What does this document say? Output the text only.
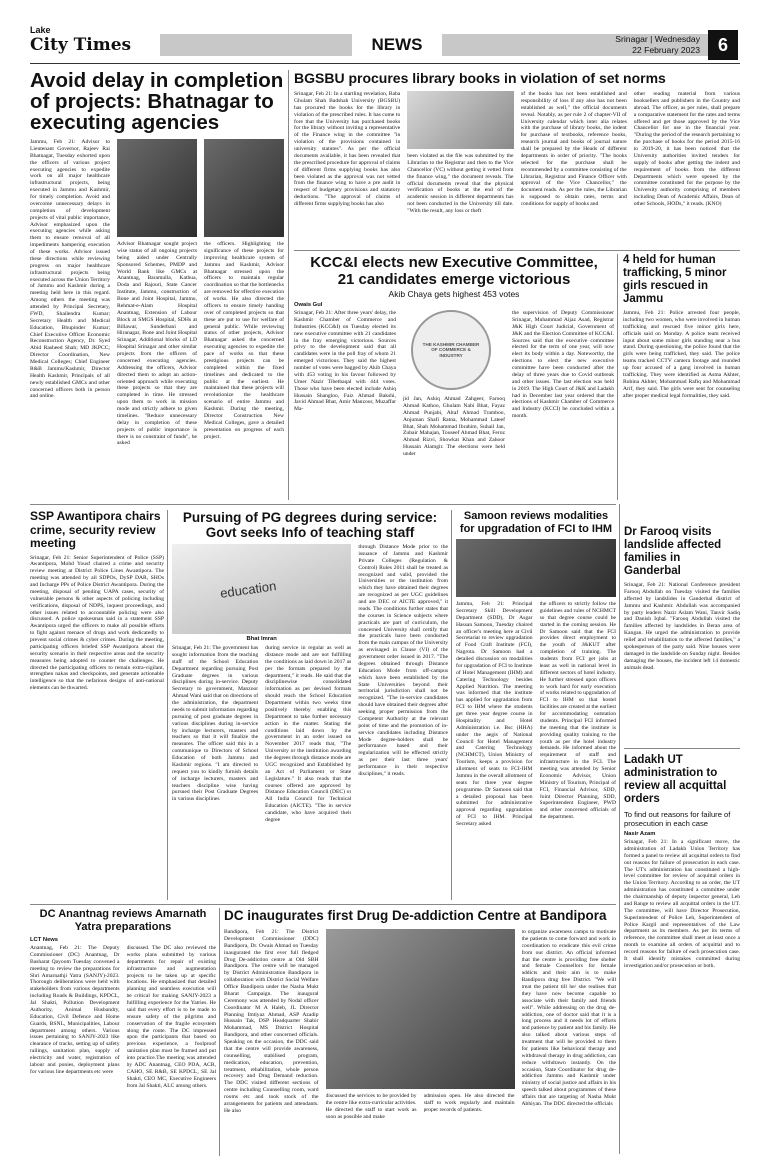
Lake
City Times	NEWS	Srinagar | Wednesday
22 February 2023 6
Avoid delay in completion of projects: Bhatnagar to executing agencies
Jammu, Feb 21: Advisor to Lieutenant Governor, Rajeev Rai Bhatnagar, Tuesday exhorted upon the officers of various project executing agencies to expedite work on all major healthcare infrastructural projects, being executed in Jammu and Kashmir, for timely completion. Avoid and overcome unnecessary delays in completion of development projects of vital public importance, Advisor emphasized upon the executing agencies while asking them to ensure removal of all impediments hampering execution of these works. Advisor issued these directions while reviewing progress on major healthcare infrastructural projects being executed across the Union Territory of Jammu and Kashmir during a meeting held here in this regard. Among others the meeting was attended by Principal Secretary, FWD, Shailendra Kumar; Secretary Health and Medical Education, Bhupinder Kumar; Chief Executive Officer Economic Reconstruction Agency, Dr. Syed Abid Rasheed Shah; MD JKPCC; Director Coordination, New Medical Colleges; Chief Engineer R&B Jammu/Kashmir, Director Health Kashmir, Principals of all newly established GMCs and other concerned officers both in person and online.
Advisor Bhatnagar sought project wise status of all ongoing projects being aided under Centrally Sponsored Schemes, PMDP and World Bank like GMCs at Anantnag, Baramulla, Kathua, Doda and Rajouri, State Cancer Institute, Jammu, construction of Bone and Joint Hospital, Jammu, Rehmat-e-Alam Hospital Anantnag, Extension of Labour Block at SMGS Hospital, SDHs at Billawar, Sunderbani and Hiranagar, Bone and Joint Hospital Srinagar, Additional blocks of LD Hospital Srinagar and other similar projects from the officers of concerned executing agencies. Addressing the officers, Advisor directed them to adopt an action-oriented approach while executing these projects so that they are completed in time. He stressed upon them to work in mission mode and strictly adhere to given timelines. "Reduce unnecessary delay in completion of these projects of public importance is there is no constraint of funds", he asked
the officers. Highlighting the significance of these projects for improving healthcare system of Jammu and Kashmir, Advisor Bhatnagar stressed upon the officers to maintain regular coordination so that the bottlenecks are removed for effective execution of works. He also directed the officers to ensure timely handing over of completed projects so that these are put to use for welfare of general public. While reviewing status of other projects, Advisor Bhatnagar asked the concerned executing agencies to expedite the pace of works so that these prestigious projects can be completed within the fixed timelines and dedicated to the public at the earliest. He maintained that these projects will revolutionize the healthcare scenario of entire Jammu and Kashmir. During the meeting, Director Construction New Medical Colleges, gave a detailed presentation on progress of each project.
BGSBU procures library books in violation of set norms
Srinagar, Feb 21: In a startling revelation, Baba Ghulam Shah Badshah University (BGSBU) has procured the books for the library in violation of the prescribed rules. It has come to fore that the University has purchased books for the library without inviting a representative of the Finance wing in the committee "in violation of the provisions contained in university statutes". As per the official documents available, it has been revealed that the prescribed procedure for approval of claims of different firms supplying books has also been violated as the approval was not vetted from the finance wing to have a pre audit in respect of budgetary provisions and statutory deductions. "The approval of claims of different firms supplying books has also
been violated as the file was submitted by the Librarian to the Registrar and then to the Vice Chancellor (VC) without getting it vetted from the finance wing," the document reveals. The official documents reveal that the physical verification of books at the end of the academic session in different departments has not been conducted in the University till date. "With the result, any loss or theft
of the books has not been established and responsibility of loss if any also has not been established as well," the official documents reveal. Notably, as per rule 2 of chapter-VII of University calendar which inter alia relates with the purchase of library books, the indent for purchase of textbooks, reference books, research journal and books of journal nature shall be prepared by the Heads of different departments in order of priority. "The books selected for the purchase shall be recommended by a committee consisting of the Librarian, Registrar and Finance Officer with approval of the Vice Chancellor," the document reads. As per the rules, the Librarian is supposed to obtain rates, terms and conditions for supply of books and
other reading material from various booksellers and publishers in the Country and abroad. The officer, as per rules, shall prepare a comparative statement for the rates and terms offered and get those approved by the Vice Chancellor for use in the financial year. "During the period of the research pertaining to the purchase of books for the period 2015-16 to 2019-20, it has been noticed that the University authorities invited tenders for supply of books after getting the indent and requirement of books from the different Departments which were opened by the committee constituted for the purpose by the University authority comprising of members including Dean of Academic Affairs, Dean of other Schools, HODs," it reads. (KNO)
KCC&I elects new Executive Committee,
21 candidates emerge victorious
Akib Chaya gets highest 453 votes
Owais Gul
Srinagar, Feb 21: After three years' delay, the Kashmir Chamber of Commerce and Industries (KCC&I) on Tuesday elected its new executive committee with 21 candidates in the fray emerging victorious. Sources privy to the development said that all candidates were in the poll fray of whom 21 emerged victorious. They said the highest number of votes were bagged by Akib Chaya with 453 voting in his favour followed by Umer Nazir Tibetbaqal with 444 votes. Those who have been elected include Ashiq Hussain Shangloo, Faiz Ahmad Bakshi, Javid Ahmad Bhat, Amir Manzoor, Muzaffar Ma-
THE KASHMIR CHAMBER OF COMMERCE & INDUSTRY
jid Jan, Ashiq Ahmad Zahgeer, Farooq Ahmad Kathoo, Ghulam Nabi Bhat, Fayaz Ahmad Punjabi, Altaf Ahmad Tramboo, Anjuman Shafi Ratna, Mohammad Lateef Bhat, Shah Mohammad Ibrahim, Suhail Jan, Zubair Mahajan, Touseef Ahmad Bhat, Feroz Ahmad Rizvi, Showkat Khan and Zahoor Hussain Alamgir. The elections were held under
the supervision of Deputy Commissioner Srinagar, Muhammad Aijaz Asad, Registrar J&K High Court Judicial, Government of J&K and the Election Committee of KCC&I. Sources said that the executive committee elected for the term of one year, will now elect its body within a day. Noteworthy, the elections to elect the new executive committee have been conducted after the delay of three years due to Covid outbreak and other issues. The last election was held in 2019. The High Court of J&K and Ladakh had in December last year ordered that the elections of Kashmir Chamber of Commerce and Industry (KCCI) be concluded within a month.
4 held for human trafficking, 5 minor girls rescued in Jammu
Jammu, Feb 21: Police arrested four people, including two women, who were involved in human trafficking and rescued five minor girls here, officials said on Monday. A police team received input about some minor girls standing near a bus stand. During questioning, the police found that the girls were being trafficked, they said. The police teams tracked CCTV camera footage and rounded up four accused of a gang involved in human trafficking. They were identified as Asma Akhter, Rubina Akhter, Mohammad Rafiq and Mohammad Arif, they said. The girls were sent for counseling after proper medical legal formalities, they said.
SSP Awantipora chairs crime, security review meeting
Srinagar, Feb 21: Senior Superintendent of Police (SSP) Awantipora, Mohd Yousf chaired a crime and security review meeting at District Police Lines Awantipora. The meeting was attended by all SDPOs, DySP DAR, SHOs and Incharge PPs of Police District Awantipora. During the meeting, disposal of pending UAPA cases, security of vulnerable persons & other aspects of policing including verifications, disposal of NDPS, inquest proceedings, and other issues related to accountable policing were also discussed. A police spokesman said in a statement SSP Awantipora urged the officers to make all possible efforts to fight against menace of drugs and work dedicatedly to prevent social crimes & cyber crimes. During the meeting, participating officers briefed SSP Awantipora about the security scenario in their respective areas and the security measures being adopted to counter the challenges. He directed the participating officers to remain extra-vigilant, strengthen nakas and checkpoints, and generate actionable intelligence so that the nefarious designs of anti-national elements can be thwarted.
Pursuing of PG degrees during service:
Govt seeks Info of teaching staff
education
Bhat Imran
Srinagar, Feb 21: The government has sought information from the teaching staff of the School Education Department regarding pursuing Post Graduate degrees in various disciplines during in-service. Deputy Secretary to government, Manzoor Ahmad Wani said that on directions of the administration, the department needs to submit information regarding pursuing of post graduate degrees in various disciplines during in-service by incharge lecturers, masters and teachers so that it will finalize the measures. The officer said this in a communique to Directors of School Education of both Jammu and Kashmir regions. "I am directed to request you to kindly furnish details of incharge lecturers, masters and teachers discipline wise having pursued their Post Graduate Degrees in various disciplines
during service in regular as well as distance mode and are not fulfilling the conditions as laid down in 2017 as per the formats prepared by the department," it reads. He said that the disciplinewise consolidated information as per devised formats should reach the School Education Department within two weeks time positively thereby enabling this Department to take further necessary action in the matter. Stating the conditions laid down by the government in an order issued on November 2017 reads that, "The University or the institution awarding the degrees through distance mode are UGC recognized and Established by an Act of Parliament or State Legislature." It also reads that the courses offered are approved by Distance Education Council (DEC) or All India Council for Technical Education (AICTE). "The in service candidate, who have acquired their degree
through Distance Mode prior to the issuance of Jammu and Kashmir Private Colleges (Regulation & Control) Rules 2011 shall be treated as recognized and valid, provided the Universities or the institution from which they have obtained their degrees are recognized as per UGC guidelines and are DEC or AICTE approved," it reads. The conditions further states that the courses in Science subjects where practicals are part of curriculum, the concerned University shall certify that the practicals have been conducted from the main campus of the University as envisaged in Clause (VI) of the government order issued in 2017. "The degrees obtained through Distance Education Mode from off-campus which have been established by the State Universities beyond their territorial jurisdiction shall not be recognized. "The in-service candidates should have obtained their degrees after seeking proper permission from the Competent Authority at the relevant point of time and the promotion of in-service candidates including Distance Mode degree-holders shall be performance based and their regularization will be effected strictly as per their last three years' performance in their respective disciplines," it reads.
Samoon reviews modalities
for upgradation of FCI to IHM
Jammu, Feb 21: Principal Secretary Skill Development Department (SDD), Dr Asgar Hassan Samoon, Tuesday chaired an officer's meeting here at Civil Secretariat to review upgradation of Food Craft Institute (FCI), Nagrota. Dr Samoon had a detailed discussion on modalities for upgradation of FCI to Institute of Hotel Management (IHM) and Catering Technology besides Applied Nutrition. The meeting was informed that the institute has applied for upgradation from FCI to IHM where the students get three year degree course in Hospitality and Hotel Administration i.e. Bsc (HHA) under the aegis of National Council for Hotel Management and Catering Technology (NCHMCT), Union Ministry of Tourism, keeps a provision for allotment of seats to FCI-IHM Jammu in the overall allotment of seats for three year degree programme. Dr Samoon said that a detailed proposal has been submitted for administrative approval regarding upgradation of FCI to IHM. Principal Secretary asked
the officers to strictly follow the guidelines and rules of NCHMCT so that degree course could be started in the coming session. He Dr Samoon said that the FCI provides direct employment to the youth of J&KUT after completion of training. The students from FCI get jobs at least as well in national level in different sectors of hotel industry. He further stressed upon officers to work hard for early execution of works related to upgradation of FCI to IHM so that hostel facilities are created at the earliest for accommodating outstation students. Principal FCI informed the meeting that the institute is providing quality training to the youth as per the hotel industry demands. He informed about the requirement of staff and infrastructure in the FCI. The meeting was attended by Senior Economic Advisor, Union Ministry of Tourism, Principal of FCI, Financial Advisor, SDD, Joint Director Planning, SDD, Superintendent Engineer, PWD and other concerned officials of the department.
Dr Farooq visits landslide affected families in Ganderbal
Srinagar, Feb 21: National Conference president Farooq Abdullah on Tuesday visited the families affected by landslides in Ganderbal district of Jammu and Kashmir. Abdullah was accompanied by party leaders Nazir Aslam Wani, Tanvir Sadiq and Danish Iqbal. "Farooq Abdullah visited the families affected by landslides in Beran area of Kangan. He urged the administration to provide relief and rehabilitation to the affected families," a spokesperson of the party said. Nine houses were damaged in the landslide on Sunday night. Besides damaging the houses, the incident left 14 domestic animals dead.
Ladakh UT administration to review all acquittal orders
To find out reasons for failure of prosecution in each case
Nasir Azam
Srinagar, Feb 21: In a significant move, the administration of Ladakh Union Territory has formed a panel to review all acquittal orders to find out reasons for failure of prosecution in each case. The UT's administration has constituted a high-level committee for review of acquittal orders in the Union Territory. According to an order, the UT administration has constituted a committee under the chairmanship of deputy inspector general, Leh and Range to review all acquittal orders in the UT. The committee, will have Director Prosecution, Superintendent of Police Leh, Superintendent of Police Kargil and representatives of the Law department as its members. As per its terms of reference, the committee shall meet at least once a month to examine all orders of acquittal and to record reasons for failure of each prosecution case. It shall identify mistakes committed during investigation and/or prosecution or both.
DC Anantnag reviews Amarnath
Yatra preparations
LCT News
Anantnag, Feb 21: The Deputy Commissioner (DC) Anantnag, Dr Basharat Qayoom Tuesday convened a meeting to review the preparations for Shri Amarnathji Yatra (SANJY)-2023. Thorough deliberations were held with stakeholders from various departments including Roads & Buildings, KPDCL, Jal Shakti, Pollution Development Authority, Animal Husbandry, Education, Civil Defence and Home Guards, BSNL, Municipalities, Labour department among others. Various issues pertaining to SANJY-2023 like clearance of tracks, setting up of safety railings, sanitation plan, supply of electricity and water, registration of labour and ponies, deployment plans for various line departments etc were
discussed. The DC also reviewed the works plans submitted by various departments for repair of existing infrastructure and augmentation projects to be taken up at specific locations. He emphasized that detailed planning and seamless execution will be critical for making SANJY-2023 a fulfilling experience for the Yatries. He said that every effort is to be made to ensure safety of the pilgrims and conservation of the fragile ecosystem along the route. The DC impressed upon the participants that based on previous experience, a foolproof sanitation plan must be framed and put into practice.The meeting was attended by ADC Anantnag, CEO PDA, ACR, CAHO, SE R&B, SE KPDCL, SE Jal Shakti, CEO MC, Executive Engineers from Jal Shakti, ALC among others.
DC inaugurates first Drug De-addiction Centre at Bandipora
Bandipora, Feb 21: The District Development Commissioner (DDC) Bandipora, Dr. Owais Ahmad on Tuesday inaugurated the first ever full fledged Drug De-addiction centre at Old SBH Bandipora. The centre will be managed by District Administration Bandipora in collaboration with District Social Welfare Office Bandipora under the Nasha Mukt Bharat Campaign. The inaugural Ceremony was attended by Nodal officer Coordinator M A Haleb, JL Director Planning Imtiyaz Ahmad, ASP Azadip Hussain Tak, DSP Headquarter Shabir Mohammad, MS District Hospital Bandipora, and other concerned officials. Speaking on the occasion, the DDC said that the centre will provide awareness, counselling, stabilised program, medication, education, prevention, treatment, rehabilitation, whole person recovery and Drug Demand reduction. The DDC visited different sections of centre including Counselling room, ward rooms etc and took stock of the arrangements for patients and attendants. He also
discussed the services to be provided by the centre like extra-curricular activities. He directed the staff to start work as soon as possible and make
admission open. He also directed the staff to work regularly and maintain proper records of patients.
to organize awareness camps to motivate the patients to come forward and work in coordination to eradicate this evil crime from our district. An official informed that the centre is providing free shelter and female Counsellors for female addicts and their aim is to make Bandipora drug free District. "We will treat the patient till he/ she realises that they have now become capable to associate with their family and friends well". While addressing on the drug de-addiction, one of doctor said that it is a long process and it needs lot of efforts and patience by patient and his family. He also talked about various steps of treatment that will be provided to them for patients like behavioral therapy and withdrawal therapy in drug addiction, can reduce withdrawn instantly. On the occasion, State Coordinator for drug de-addiction Jammu and Kashmir under ministry of social justice and affairs in his speech talked about programmes of these affairs that are targeting of Nasha Mukt Abhiyan. The DDC directed the officials
